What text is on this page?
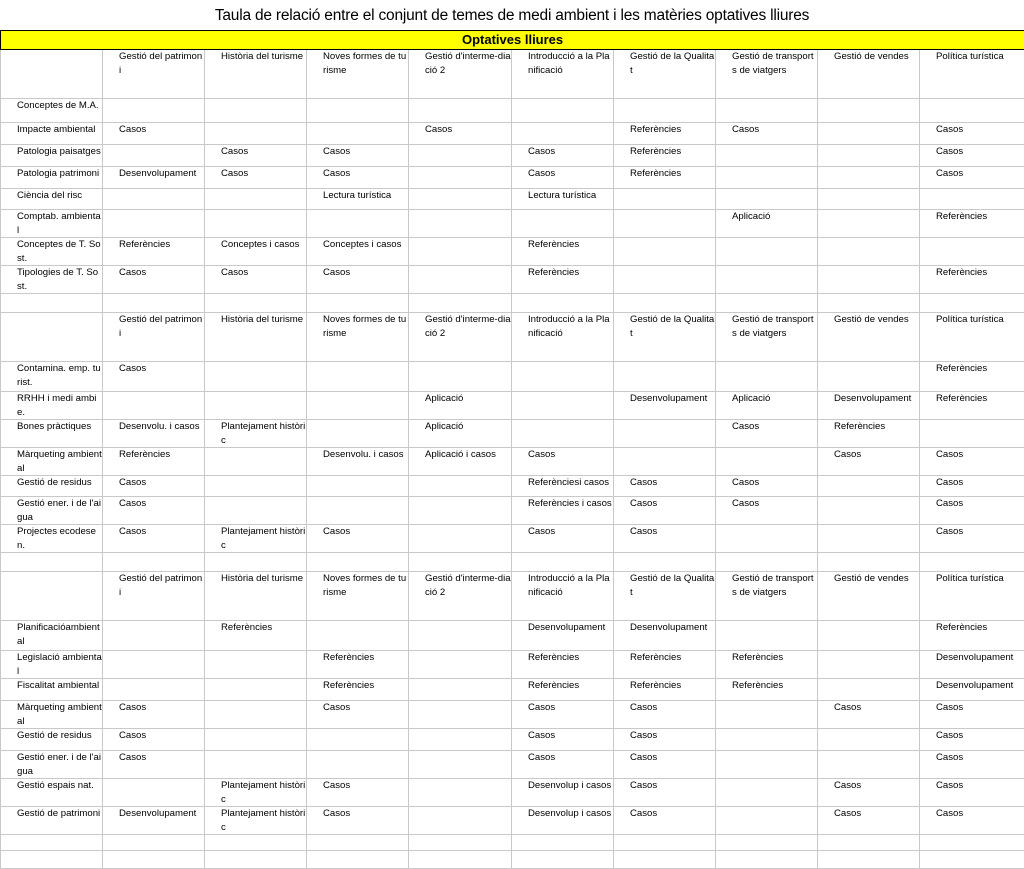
Taula de relació entre el conjunt de temes de medi ambient i les matèries optatives lliures
Optatives lliures									
	Gestió del patrimoni	Història del turisme	Noves formes de turisme	Gestió d'interme-diació 2	Introducció a la Planificació	Gestió de la Qualitat	Gestió de transports de viatgers	Gestió de vendes	Política turística
Conceptes de M.A.									
Impacte ambiental	Casos			Casos		Referències	Casos		Casos
Patologia paisatges		Casos	Casos		Casos	Referències			Casos
Patologia patrimoni	Desenvolupament	Casos	Casos		Casos	Referències			Casos
Ciència del risc			Lectura turística		Lectura turística				
Comptab. ambiental							Aplicació		Referències
Conceptes de T. Sost.	Referències	Conceptes i casos	Conceptes i casos		Referències				
Tipologies de T. Sost.	Casos	Casos	Casos		Referències				Referències

	Gestió del patrimoni	Història del turisme	Noves formes de turisme	Gestió d'interme-diació 2	Introducció a la Planificació	Gestió de la Qualitat	Gestió de transports de viatgers	Gestió de vendes	Política turística
Contamina. emp. turist.	Casos								Referències
RRHH i medi ambie.				Aplicació		Desenvolupament	Aplicació	Desenvolupament	Referències
Bones pràctiques	Desenvolu. i casos	Plantejament històric		Aplicació			Casos	Referències	
Màrqueting ambiental	Referències		Desenvolu. i casos	Aplicació i casos	Casos			Casos	Casos
Gestió de residus	Casos				Referènciesi casos	Casos	Casos		Casos
Gestió ener. i de l'aigua	Casos				Referències i casos	Casos	Casos		Casos
Projectes ecodesen.	Casos	Plantejament històric	Casos		Casos	Casos			Casos

	Gestió del patrimoni	Història del turisme	Noves formes de turisme	Gestió d'interme-diació 2	Introducció a la Planificació	Gestió de la Qualitat	Gestió de transports de viatgers	Gestió de vendes	Política turística
Planificacióambiental		Referències			Desenvolupament	Desenvolupament			Referències
Legislació ambiental			Referències		Referències	Referències	Referències		Desenvolupament
Fiscalitat ambiental			Referències		Referències	Referències	Referències		Desenvolupament
Màrqueting ambiental	Casos		Casos		Casos	Casos		Casos	Casos
Gestió de residus	Casos				Casos	Casos			Casos
Gestió ener. i de l'aigua	Casos				Casos	Casos			Casos
Gestió espais nat.		Plantejament històric	Casos		Desenvolup i casos	Casos		Casos	Casos
Gestió de patrimoni	Desenvolupament	Plantejament històric	Casos		Desenvolup i casos	Casos		Casos	Casos
